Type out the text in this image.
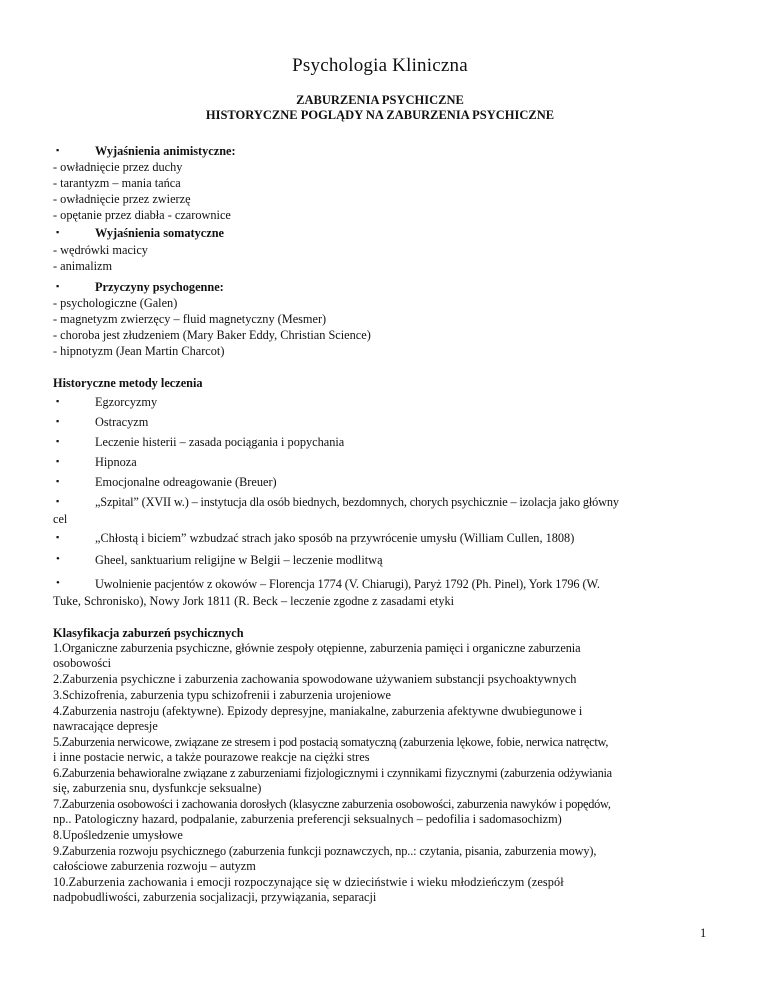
Psychologia Kliniczna
ZABURZENIA PSYCHICZNE
HISTORYCZNE POGLĄDY NA ZABURZENIA PSYCHICZNE
▪	Wyjaśnienia animistyczne:
- owładnięcie przez duchy
- tarantyzm – mania tańca
- owładnięcie przez zwierzę
- opętanie przez diabła - czarownice
▪	Wyjaśnienia somatyczne
- wędrówki macicy
- animalizm
▪	Przyczyny psychogenne:
- psychologiczne (Galen)
- magnetyzm zwierzęcy – fluid magnetyczny (Mesmer)
- choroba jest złudzeniem (Mary Baker Eddy, Christian Science)
- hipnotyzm (Jean Martin Charcot)
Historyczne metody leczenia
▪	Egzorcyzmy
▪	Ostracyzm
▪	Leczenie histerii – zasada pociągania i popychania
▪	Hipnoza
▪	Emocjonalne odreagowanie (Breuer)
▪	„Szpital” (XVII w.) – instytucja dla osób biednych, bezdomnych, chorych psychicznie – izolacja jako główny
cel
▪	„Chłostą i biciem” wzbudzać strach jako sposób na przywrócenie umysłu (William Cullen, 1808)
•	Gheel, sanktuarium religijne w Belgii – leczenie modlitwą
•	Uwolnienie pacjentów z okowów – Florencja 1774 (V. Chiarugi), Paryż 1792 (Ph. Pinel), York 1796 (W.
Tuke, Schronisko), Nowy Jork 1811 (R. Beck – leczenie zgodne z zasadami etyki
Klasyfikacja zaburzeń psychicznych
1.Organiczne zaburzenia psychiczne, głównie zespoły otępienne, zaburzenia pamięci i organiczne zaburzenia
osobowości
2.Zaburzenia psychiczne i zaburzenia zachowania spowodowane używaniem substancji psychoaktywnych
3.Schizofrenia, zaburzenia typu schizofrenii i zaburzenia urojeniowe
4.Zaburzenia nastroju (afektywne). Epizody depresyjne, maniakalne, zaburzenia afektywne dwubiegunowe i
nawracające depresje
5.Zaburzenia nerwicowe, związane ze stresem i pod postacią somatyczną (zaburzenia lękowe, fobie, nerwica natręctw,
i inne postacie nerwic, a także pourazowe reakcje na ciężki stres
6.Zaburzenia behawioralne związane z zaburzeniami fizjologicznymi i czynnikami fizycznymi (zaburzenia odżywiania
się, zaburzenia snu, dysfunkcje seksualne)
7.Zaburzenia osobowości i zachowania dorosłych (klasyczne zaburzenia osobowości, zaburzenia nawyków i popędów,
np.. Patologiczny hazard, podpalanie, zaburzenia preferencji seksualnych – pedofilia i sadomasochizm)
8.Upośledzenie umysłowe
9.Zaburzenia rozwoju psychicznego (zaburzenia funkcji poznawczych, np..: czytania, pisania, zaburzenia mowy),
całościowe zaburzenia rozwoju – autyzm
10.Zaburzenia zachowania i emocji rozpoczynające się w dzieciństwie i wieku młodzieńczym (zespół
nadpobudliwości, zaburzenia socjalizacji, przywiązania, separacji
1
